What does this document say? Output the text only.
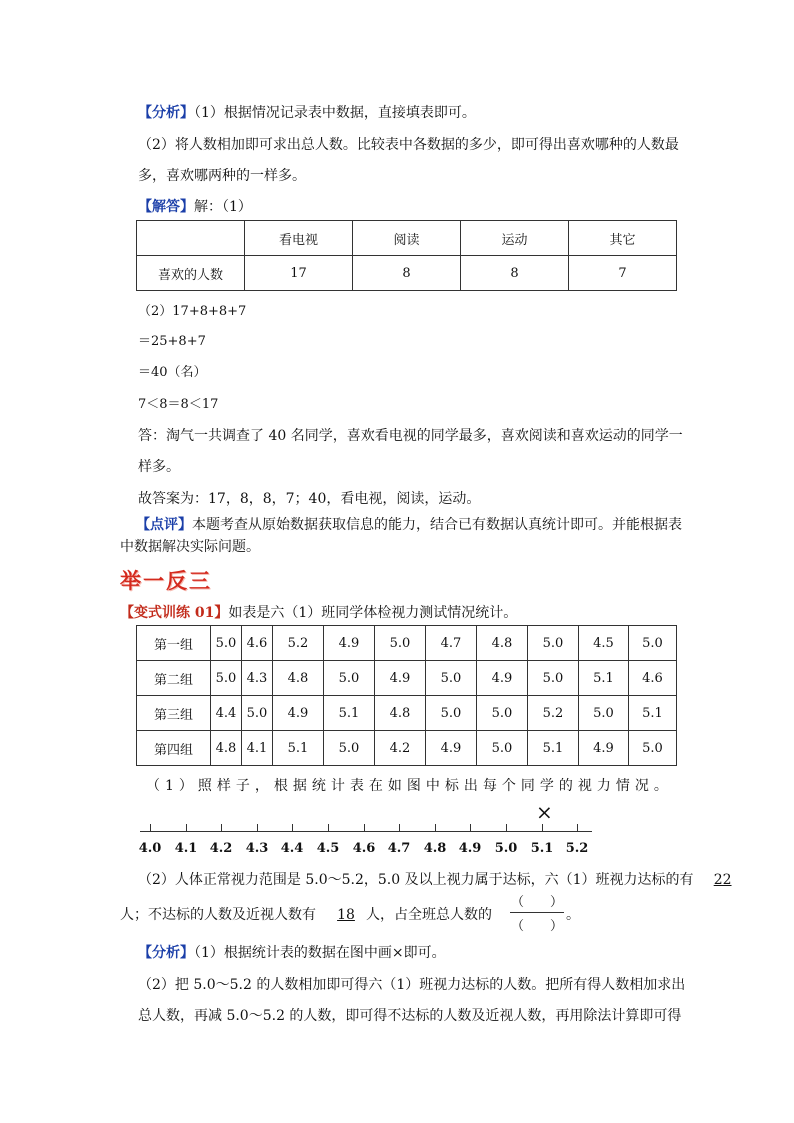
【分析】（1）根据情况记录表中数据，直接填表即可。
（2）将人数相加即可求出总人数。比较表中各数据的多少，即可得出喜欢哪种的人数最
多，喜欢哪两种的一样多。
【解答】解：（1）
	看电视	阅读	运动	其它
喜欢的人数	17	8	8	7
（2）17+8+8+7
＝25+8+7
＝40（名）
7＜8＝8＜17
答：淘气一共调查了 40 名同学，喜欢看电视的同学最多，喜欢阅读和喜欢运动的同学一
样多。
故答案为：17，8，8，7；40，看电视，阅读，运动。
【点评】本题考查从原始数据获取信息的能力，结合已有数据认真统计即可。并能根据表
中数据解决实际问题。
举一反三
【变式训练 01】如表是六（1）班同学体检视力测试情况统计。
第一组	5.0	4.6	5.2	4.9	5.0	4.7	4.8	5.0	4.5	5.0
第二组	5.0	4.3	4.8	5.0	4.9	5.0	4.9	5.0	5.1	4.6
第三组	4.4	5.0	4.9	5.1	4.8	5.0	5.0	5.2	5.0	5.1
第四组	4.8	4.1	5.1	5.0	4.2	4.9	5.0	5.1	4.9	5.0
（1）照样子，根据统计表在如图中标出每个同学的视力情况。
×
4.0 4.1 4.2 4.3 4.4 4.5 4.6 4.7 4.8 4.9 5.0 5.1 5.2
（2）人体正常视力范围是 5.0～5.2，5.0 及以上视力属于达标，六（1）班视力达标的有 22
人；不达标的人数及近视人数有 18 人，占全班总人数的
（　　）
（　　）
。
【分析】（1）根据统计表的数据在图中画×即可。
（2）把 5.0～5.2 的人数相加即可得六（1）班视力达标的人数。把所有得人数相加求出
总人数，再减 5.0～5.2 的人数，即可得不达标的人数及近视人数，再用除法计算即可得
